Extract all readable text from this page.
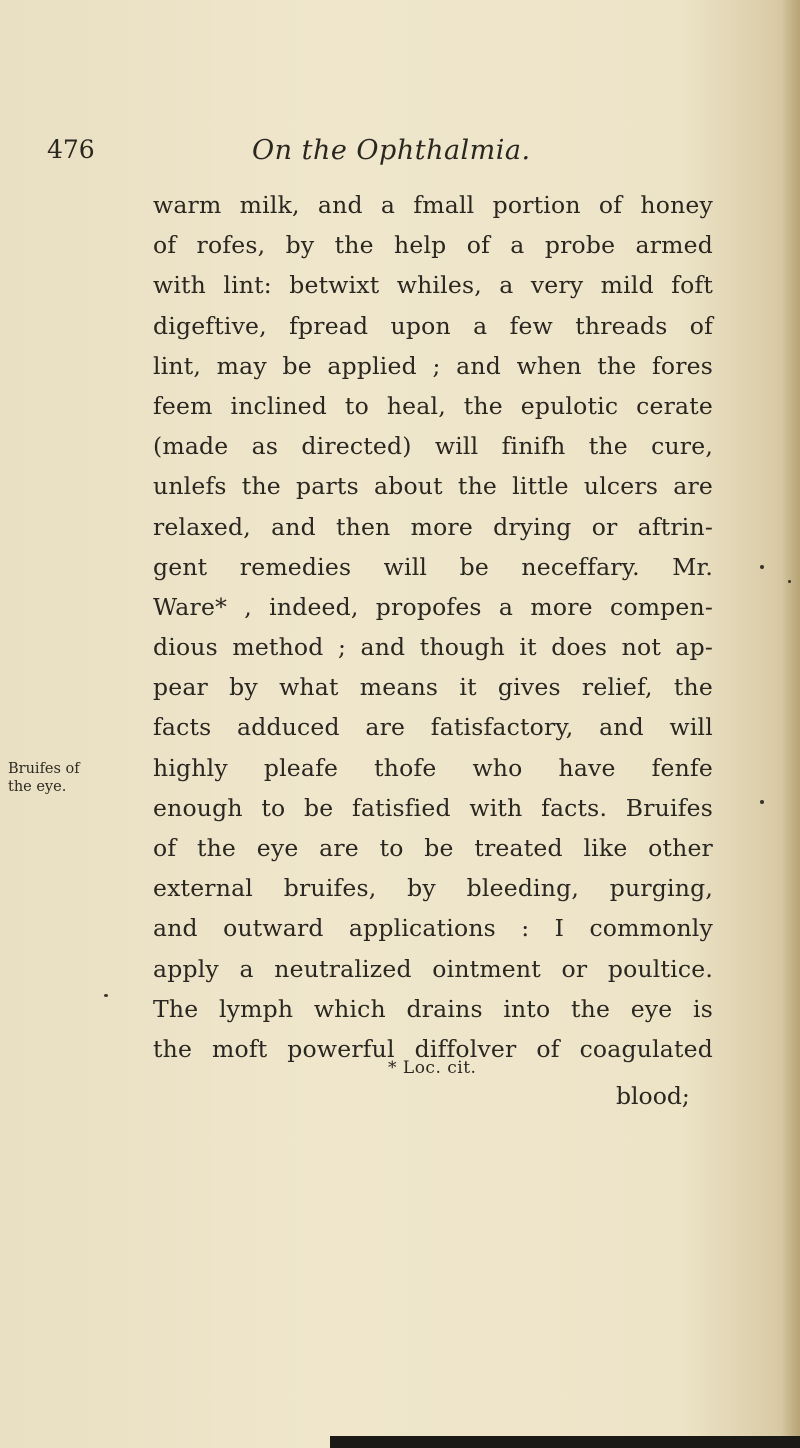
476	On the Ophthalmia.
Bruifes of
the eye.
warm milk, and a fmall portion of honey
of rofes, by the help of a probe armed
with lint: betwixt whiles, a very mild foft
digeftive, fpread upon a few threads of
lint, may be applied ; and when the fores
feem inclined to heal, the epulotic cerate
(made as directed) will finifh the cure,
unlefs the parts about the little ulcers are
relaxed, and then more drying or aftrin-
gent remedies will be neceffary. Mr.
Ware* , indeed, propofes a more compen-
dious method ; and though it does not ap-
pear by what means it gives relief, the
facts adduced are fatisfactory, and will
highly pleafe thofe who have fenfe
enough to be fatisfied with facts. Bruifes
of the eye are to be treated like other
external bruifes, by bleeding, purging,
and outward applications : I commonly
apply a neutralized ointment or poultice.
The lymph which drains into the eye is
the moft powerful diffolver of coagulated
* Loc. cit.
blood;
